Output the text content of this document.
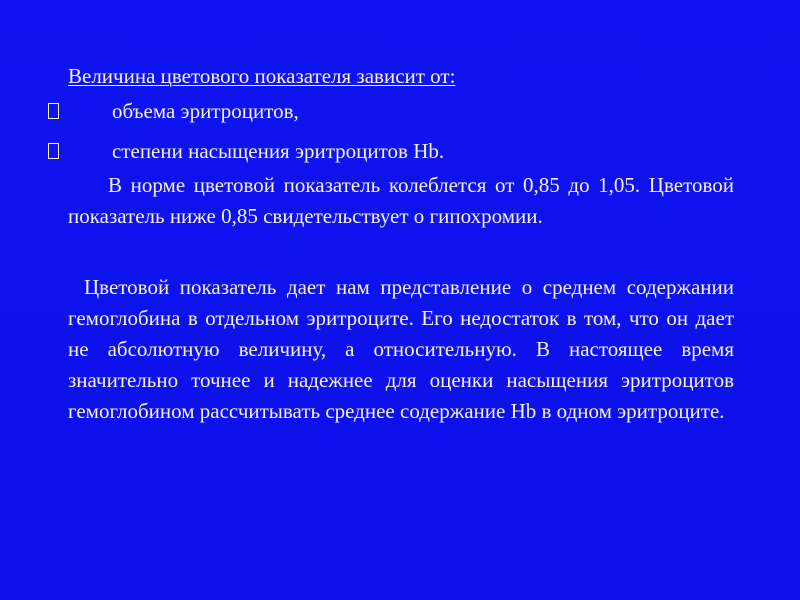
Величина цветового показателя зависит от:
объема эритроцитов,
степени насыщения эритроцитов Hb.
В норме цветовой показатель колеблется от 0,85 до 1,05. Цветовой показатель ниже 0,85 свидетельствует о гипохромии.
Цветовой показатель дает нам представление о среднем содержании гемоглобина в отдельном эритроците. Его недостаток в том, что он дает не абсолютную величину, а относительную. В настоящее время значительно точнее и надежнее для оценки насыщения эритроцитов гемоглобином рассчитывать среднее содержание Hb в одном эритроците.
